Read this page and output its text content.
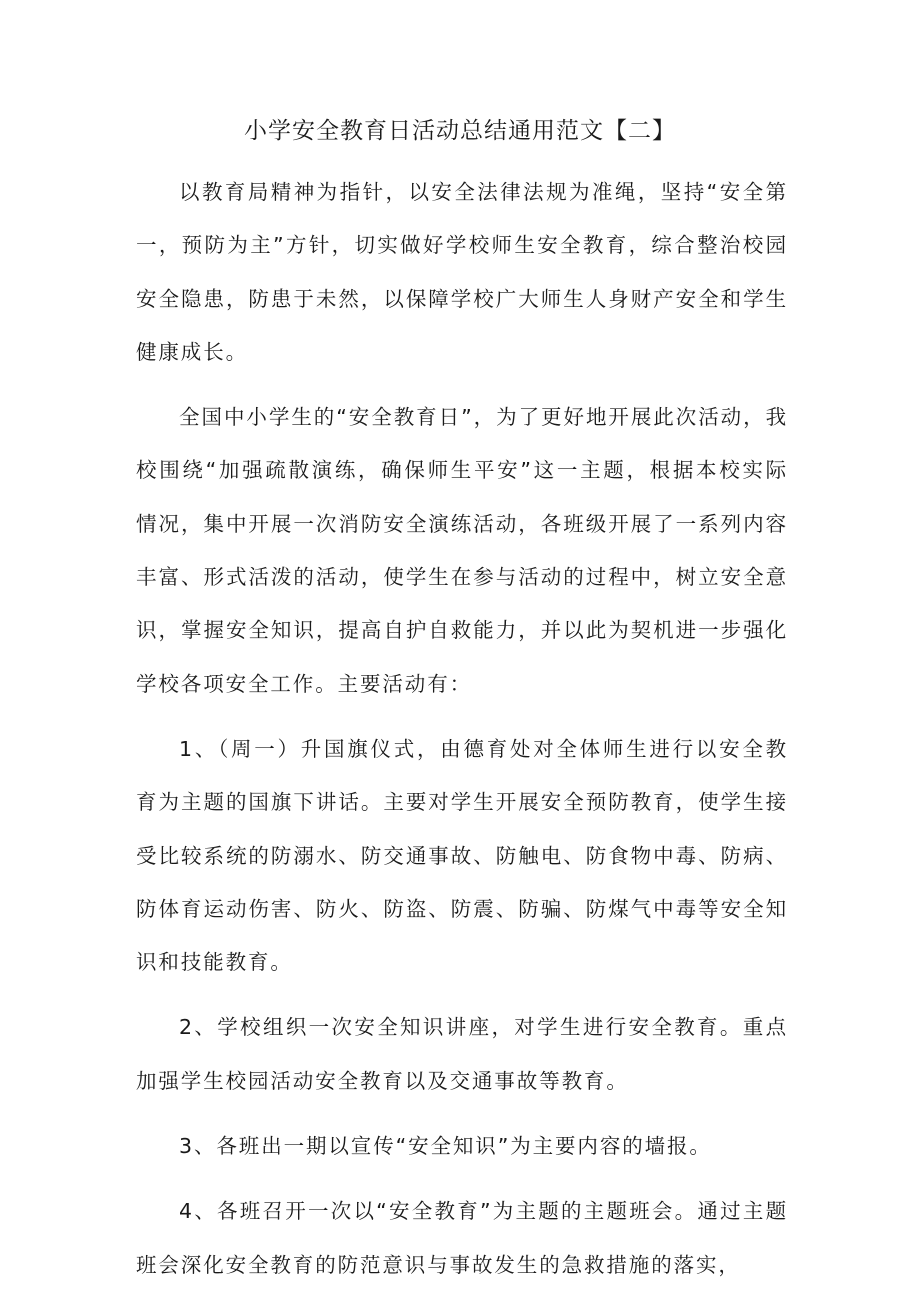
小学安全教育日活动总结通用范文【二】

以教育局精神为指针，以安全法律法规为准绳，坚持“安全第一，预防为主”方针，切实做好学校师生安全教育，综合整治校园安全隐患，防患于未然，以保障学校广大师生人身财产安全和学生健康成长。

全国中小学生的“安全教育日”，为了更好地开展此次活动，我校围绕“加强疏散演练，确保师生平安”这一主题，根据本校实际情况，集中开展一次消防安全演练活动，各班级开展了一系列内容丰富、形式活泼的活动，使学生在参与活动的过程中，树立安全意识，掌握安全知识，提高自护自救能力，并以此为契机进一步强化学校各项安全工作。主要活动有：

1、（周一）升国旗仪式，由德育处对全体师生进行以安全教育为主题的国旗下讲话。主要对学生开展安全预防教育，使学生接受比较系统的防溺水、防交通事故、防触电、防食物中毒、防病、防体育运动伤害、防火、防盗、防震、防骗、防煤气中毒等安全知识和技能教育。

2、学校组织一次安全知识讲座，对学生进行安全教育。重点加强学生校园活动安全教育以及交通事故等教育。

3、各班出一期以宣传“安全知识”为主要内容的墙报。

4、各班召开一次以“安全教育”为主题的主题班会。通过主题班会深化安全教育的防范意识与事故发生的急救措施的落实，
